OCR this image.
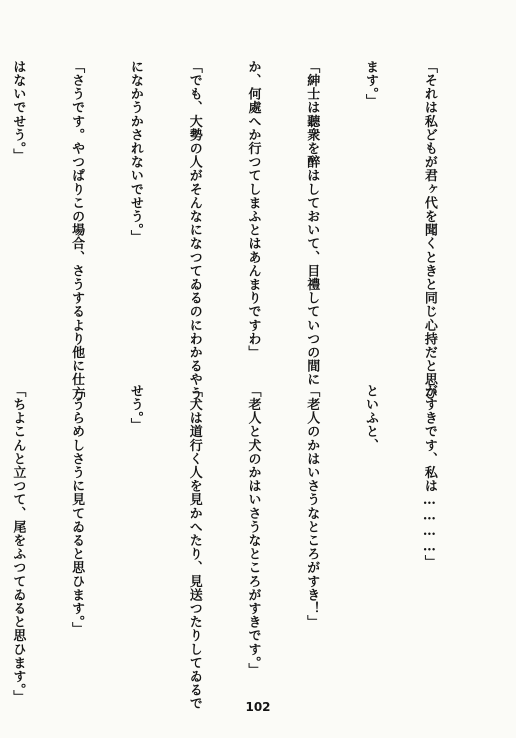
「それは私どもが君ヶ代を聞くときと同じ心持だと思ひ

ます。」

「紳士は聽衆を醉はしておいて、目禮していつの間に

か、何處へか行つてしまふとはあんまりですわ」

「でも、大勢の人がそんなになつてゐるのにわかるやう

になかうかされないでせう。」

「さうです。やつぱりこの場合、さうするより他に仕方

はないでせう。」

がすきです、私は…………」

といふと、

「老人のかはいさうなところがすき！」

「老人と犬のかはいさうなところがすきです。」

「犬は道行く人を見かへたり、見送つたりしてゐるで

せう。」

「うらめしさうに見てゐると思ひます。」

「ちよこんと立つて、尾をふつてゐると思ひます。」

102
